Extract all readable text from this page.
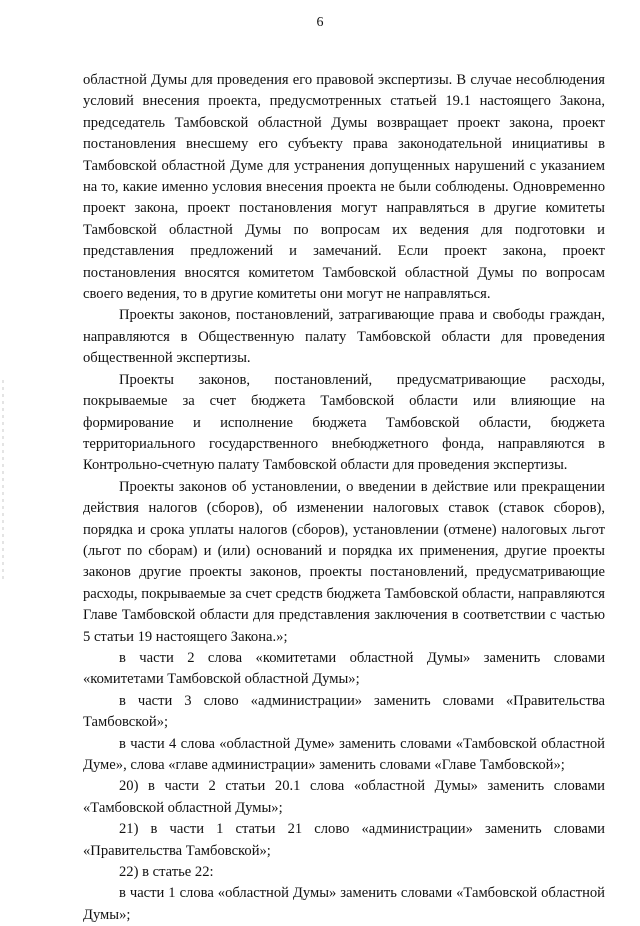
6

областной Думы для проведения его правовой экспертизы. В случае несоблюдения условий внесения проекта, предусмотренных статьей 19.1 настоящего Закона, председатель Тамбовской областной Думы возвращает проект закона, проект постановления внесшему его субъекту права законодательной инициативы в Тамбовской областной Думе для устранения допущенных нарушений с указанием на то, какие именно условия внесения проекта не были соблюдены. Одновременно проект закона, проект постановления могут направляться в другие комитеты Тамбовской областной Думы по вопросам их ведения для подготовки и представления предложений и замечаний. Если проект закона, проект постановления вносятся комитетом Тамбовской областной Думы по вопросам своего ведения, то в другие комитеты они могут не направляться.

Проекты законов, постановлений, затрагивающие права и свободы граждан, направляются в Общественную палату Тамбовской области для проведения общественной экспертизы.

Проекты законов, постановлений, предусматривающие расходы, покрываемые за счет бюджета Тамбовской области или влияющие на формирование и исполнение бюджета Тамбовской области, бюджета территориального государственного внебюджетного фонда, направляются в Контрольно-счетную палату Тамбовской области для проведения экспертизы.

Проекты законов об установлении, о введении в действие или прекращении действия налогов (сборов), об изменении налоговых ставок (ставок сборов), порядка и срока уплаты налогов (сборов), установлении (отмене) налоговых льгот (льгот по сборам) и (или) оснований и порядка их применения, другие проекты законов другие проекты законов, проекты постановлений, предусматривающие расходы, покрываемые за счет средств бюджета Тамбовской области, направляются Главе Тамбовской области для представления заключения в соответствии с частью 5 статьи 19 настоящего Закона.»;

в части 2 слова «комитетами областной Думы» заменить словами «комитетами Тамбовской областной Думы»;

в части 3 слово «администрации» заменить словами «Правительства Тамбовской»;

в части 4 слова «областной Думе» заменить словами «Тамбовской областной Думе», слова «главе администрации» заменить словами «Главе Тамбовской»;

20) в части 2 статьи 20.1 слова «областной Думы» заменить словами «Тамбовской областной Думы»;

21) в части 1 статьи 21 слово «администрации» заменить словами «Правительства Тамбовской»;

22) в статье 22:

в части 1 слова «областной Думы» заменить словами «Тамбовской областной Думы»;
